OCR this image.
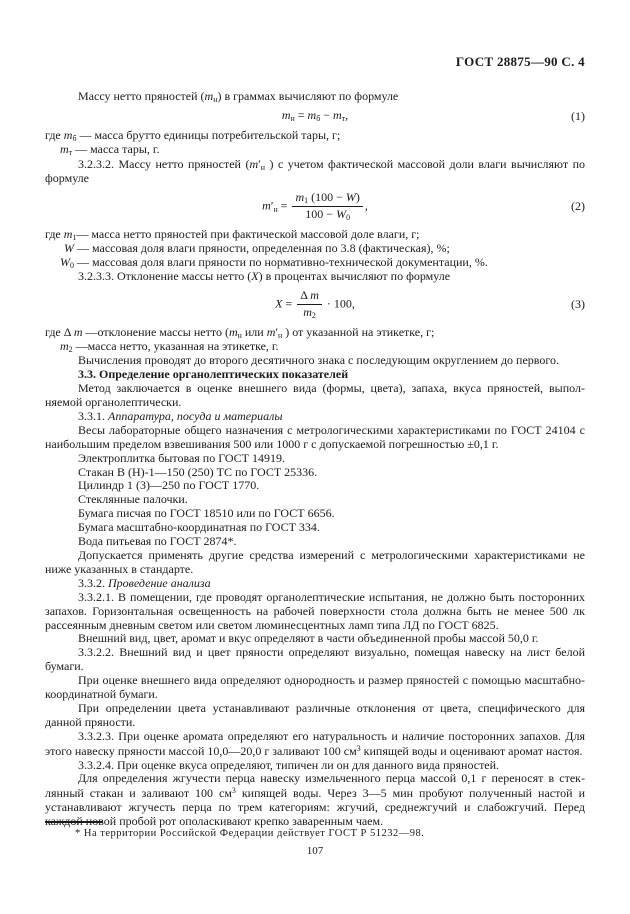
ГОСТ 28875—90 С. 4

Массу нетто пряностей (mн) в граммах вычисляют по формуле

mн = mб − mт,	(1)

где mб — масса брутто единицы потребительской тары, г;

mт — масса тары, г.

3.2.3.2. Массу нетто пряностей (m′н ) с учетом фактической массовой доли влаги вычисляют по формуле

$m'н = \frac{m1 (100 - W)}{100 - W0}$ ,	(2)

где m1— масса нетто пряностей при фактической массовой доле влаги, г;

W — массовая доля влаги пряности, определенная по 3.8 (фактическая), %;

W0 — массовая доля влаги пряности по нормативно-технической документации, %.

3.2.3.3. Отклонение массы нетто (X) в процентах вычисляют по формуле

$X = \frac{\text{Δ m}}{m2} \cdot 100$,	(3)

где Δ m —отклонение массы нетто (mн или m′н ) от указанной на этикетке, г;

m2 —масса нетто, указанная на этикетке, г.

Вычисления проводят до второго десятичного знака с последующим округлением до первого.

3.3. Определение органолептических показателей

Метод заключается в оценке внешнего вида (формы, цвета), запаха, вкуса пряностей, выполняемой органолептически.

3.3.1. Аппаратура, посуда и материалы

Весы лабораторные общего назначения с метрологическими характеристиками по ГОСТ 24104 с наибольшим пределом взвешивания 500 или 1000 г с допускаемой погрешностью ±0,1 г.

Электроплитка бытовая по ГОСТ 14919.

Стакан В (Н)-1—150 (250) ТС по ГОСТ 25336.

Цилиндр 1 (3)—250 по ГОСТ 1770.

Стеклянные палочки.

Бумага писчая по ГОСТ 18510 или по ГОСТ 6656.

Бумага масштабно-координатная по ГОСТ 334.

Вода питьевая по ГОСТ 2874*.

Допускается применять другие средства измерений с метрологическими характеристиками не ниже указанных в стандарте.

3.3.2. Проведение анализа

3.3.2.1. В помещении, где проводят органолептические испытания, не должно быть посторонних запахов. Горизонтальная освещенность на рабочей поверхности стола должна быть не менее 500 лк рассеянным дневным светом или светом люминесцентных ламп типа ЛД по ГОСТ 6825.

Внешний вид, цвет, аромат и вкус определяют в части объединенной пробы массой 50,0 г.

3.3.2.2. Внешний вид и цвет пряности определяют визуально, помещая навеску на лист белой бумаги.

При оценке внешнего вида определяют однородность и размер пряностей с помощью масштабно-координатной бумаги.

При определении цвета устанавливают различные отклонения от цвета, специфического для данной пряности.

3.3.2.3. При оценке аромата определяют его натуральность и наличие посторонних запахов. Для этого навеску пряности массой 10,0—20,0 г заливают 100 $см^3$ кипящей воды и оценивают аромат настоя.

3.3.2.4. При оценке вкуса определяют, типичен ли он для данного вида пряностей.

Для определения жгучести перца навеску измельченного перца массой 0,1 г переносят в стеклянный стакан и заливают 100 $см^3$ кипящей воды. Через 3—5 мин пробуют полученный настой и устанавливают жгучесть перца по трем категориям: жгучий, среднежгучий и слабожгучий. Перед каждой новой пробой рот ополаскивают крепко заваренным чаем.

* На территории Российской Федерации действует ГОСТ Р 51232—98.
107
